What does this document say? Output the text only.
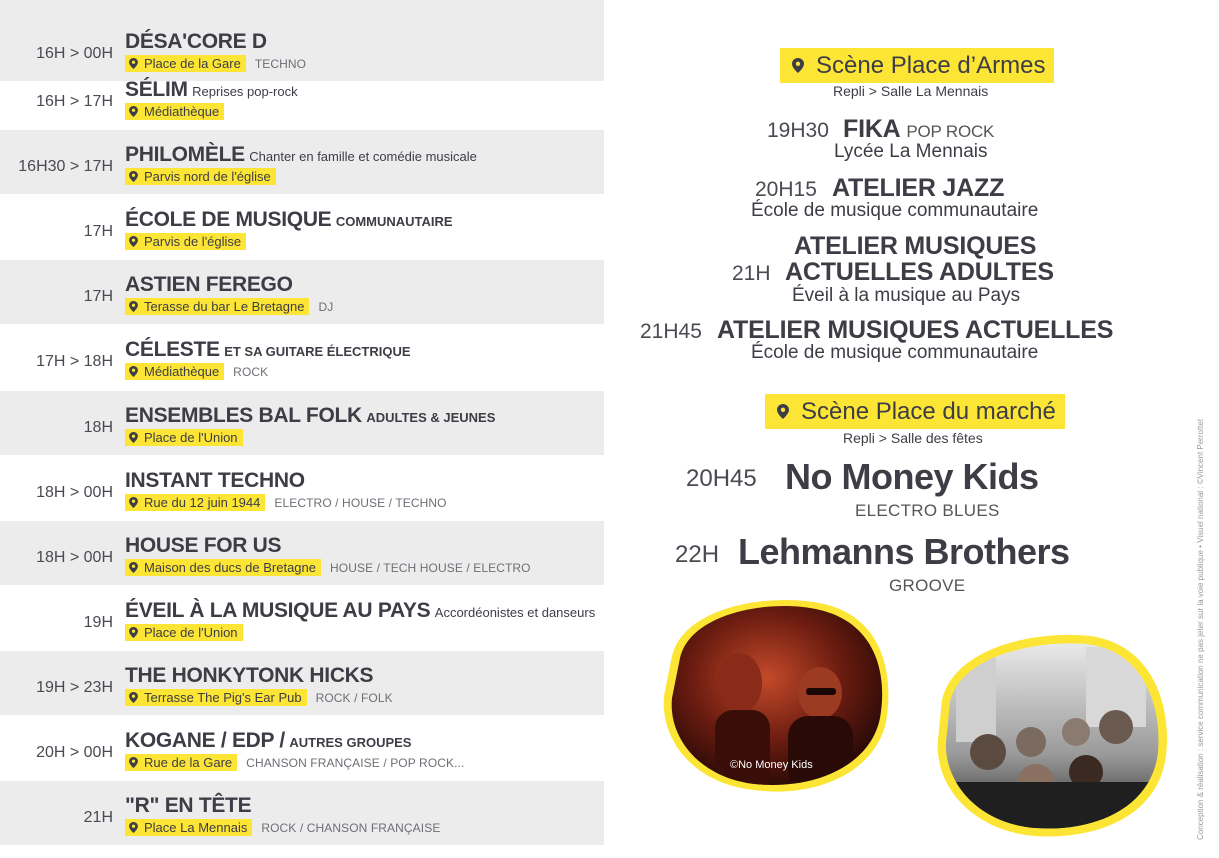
16H > 00H
DÉSA'CORE D
Place de la Gare TECHNO
16H > 17H
SÉLIM Reprises pop-rock
Médiathèque
16H30 > 17H
PHILOMÈLE Chanter en famille et comédie musicale
Parvis nord de l'église
17H
ÉCOLE DE MUSIQUE COMMUNAUTAIRE
Parvis de l'église
17H
ASTIEN FEREGO
Terasse du bar Le Bretagne DJ
17H > 18H
CÉLESTE ET SA GUITARE ÉLECTRIQUE
Médiathèque ROCK
18H
ENSEMBLES BAL FOLK ADULTES & JEUNES
Place de l'Union
18H > 00H
INSTANT TECHNO
Rue du 12 juin 1944 ELECTRO / HOUSE / TECHNO
18H > 00H
HOUSE FOR US
Maison des ducs de Bretagne HOUSE / TECH HOUSE / ELECTRO
19H
ÉVEIL À LA MUSIQUE AU PAYS Accordéonistes et danseurs
Place de l'Union
19H > 23H
THE HONKYTONK HICKS
Terrasse The Pig's Ear Pub ROCK / FOLK
20H > 00H
KOGANE / EDP / AUTRES GROUPES
Rue de la Gare CHANSON FRANÇAISE / POP ROCK...
21H
"R" EN TÊTE
Place La Mennais ROCK / CHANSON FRANÇAISE
Scène Place d’Armes
Repli > Salle La Mennais
19H30 FIKA POP ROCK
Lycée La Mennais
20H15 ATELIER JAZZ
École de musique communautaire
ATELIER MUSIQUES
21H ACTUELLES ADULTES
Éveil à la musique au Pays
21H45 ATELIER MUSIQUES ACTUELLES
École de musique communautaire
Scène Place du marché
Repli > Salle des fêtes
20H45 No Money Kids
ELECTRO BLUES
22H Lehmanns Brothers
GROOVE
©No Money Kids	Conception & réalisation : service communication ne pas jeter sur la voie publique • Visuel national : ©Vincent Perrottet
